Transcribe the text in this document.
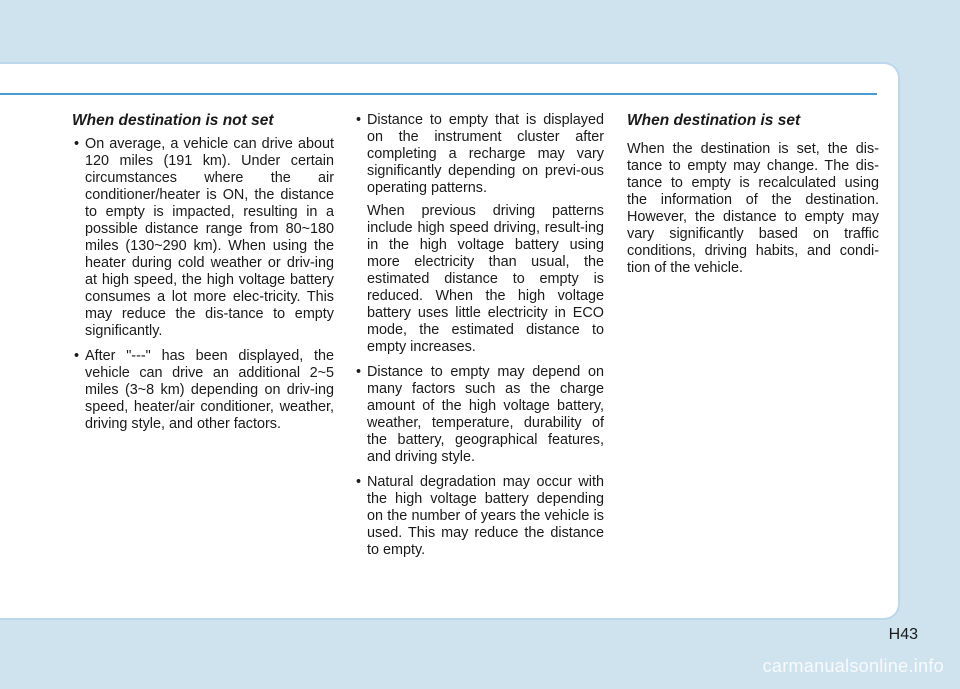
When destination is not set
• On average, a vehicle can drive about 120 miles (191 km). Under certain circumstances where the air conditioner/heater is ON, the distance to empty is impacted, resulting in a possible distance range from 80~180 miles (130~290 km). When using the heater during cold weather or driv-ing at high speed, the high voltage battery consumes a lot more elec-tricity. This may reduce the dis-tance to empty significantly.
• After "---" has been displayed, the vehicle can drive an additional 2~5 miles (3~8 km) depending on driv-ing speed, heater/air conditioner, weather, driving style, and other factors.
• Distance to empty that is displayed on the instrument cluster after completing a recharge may vary significantly depending on previ-ous operating patterns.
When previous driving patterns include high speed driving, result-ing in the high voltage battery using more electricity than usual, the estimated distance to empty is reduced. When the high voltage battery uses little electricity in ECO mode, the estimated distance to empty increases.
• Distance to empty may depend on many factors such as the charge amount of the high voltage battery, weather, temperature, durability of the battery, geographical features, and driving style.
• Natural degradation may occur with the high voltage battery depending on the number of years the vehicle is used. This may reduce the distance to empty.
When destination is set
When the destination is set, the dis-tance to empty may change. The dis-tance to empty is recalculated using the information of the destination. However, the distance to empty may vary significantly based on traffic conditions, driving habits, and condi-tion of the vehicle.
H43
carmanualsonline.info
